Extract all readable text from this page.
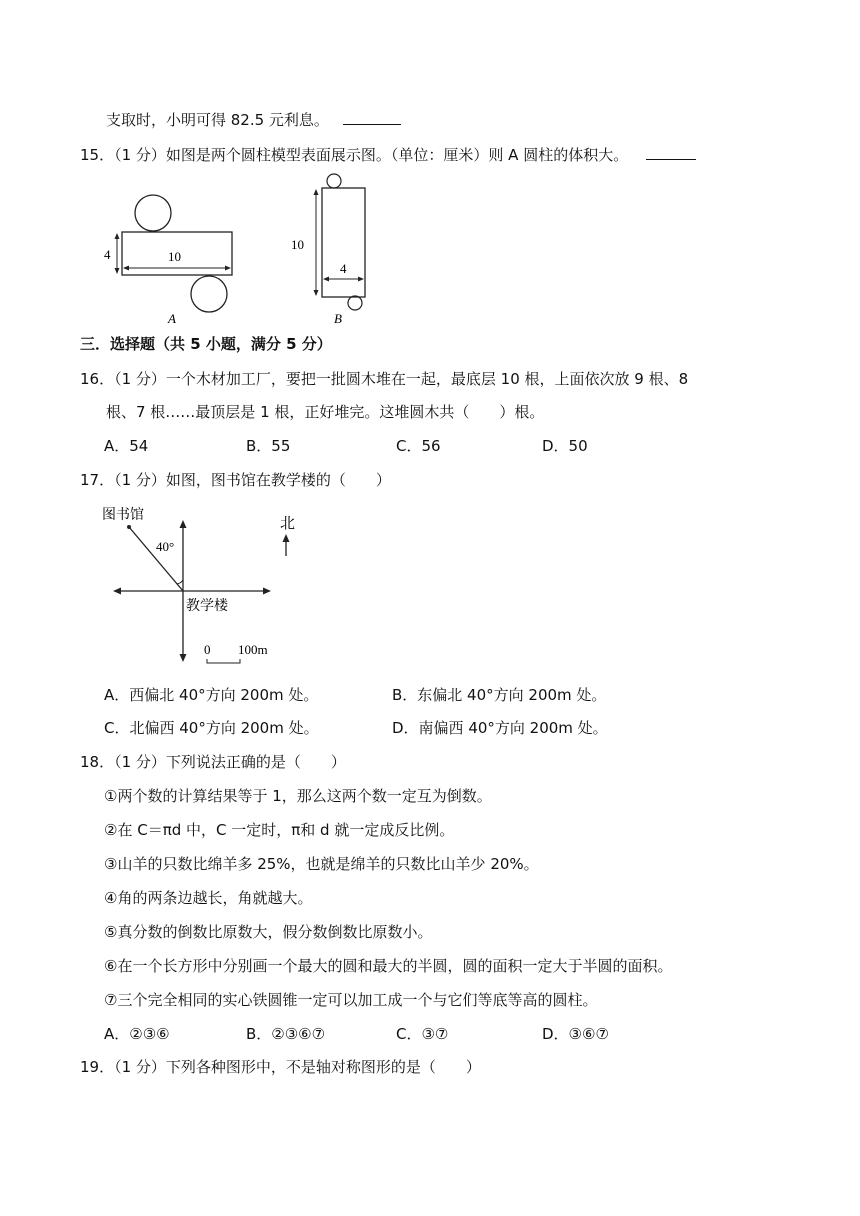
支取时，小明可得 82.5 元利息。
15．（1 分）如图是两个圆柱模型表面展示图。（单位：厘米）则 A 圆柱的体积大。
4	10
A
10
4
B
三．选择题（共 5 小题，满分 5 分）
16．（1 分）一个木材加工厂，要把一批圆木堆在一起，最底层 10 根，上面依次放 9 根、8
根、7 根……最顶层是 1 根，正好堆完。这堆圆木共（　　）根。
A．54	B．55	C．56	D．50
17．（1 分）如图，图书馆在教学楼的（　　）
图书馆
40°
教学楼
北
0 100m
A．西偏北 40°方向 200m 处。	B．东偏北 40°方向 200m 处。
C．北偏西 40°方向 200m 处。	D．南偏西 40°方向 200m 处。
18．（1 分）下列说法正确的是（　　）
①两个数的计算结果等于 1，那么这两个数一定互为倒数。
②在 C＝πd 中，C 一定时，π和 d 就一定成反比例。
③山羊的只数比绵羊多 25%，也就是绵羊的只数比山羊少 20%。
④角的两条边越长，角就越大。
⑤真分数的倒数比原数大，假分数倒数比原数小。
⑥在一个长方形中分别画一个最大的圆和最大的半圆，圆的面积一定大于半圆的面积。
⑦三个完全相同的实心铁圆锥一定可以加工成一个与它们等底等高的圆柱。
A．②③⑥	B．②③⑥⑦	C．③⑦	D．③⑥⑦
19．（1 分）下列各种图形中，不是轴对称图形的是（　　）
